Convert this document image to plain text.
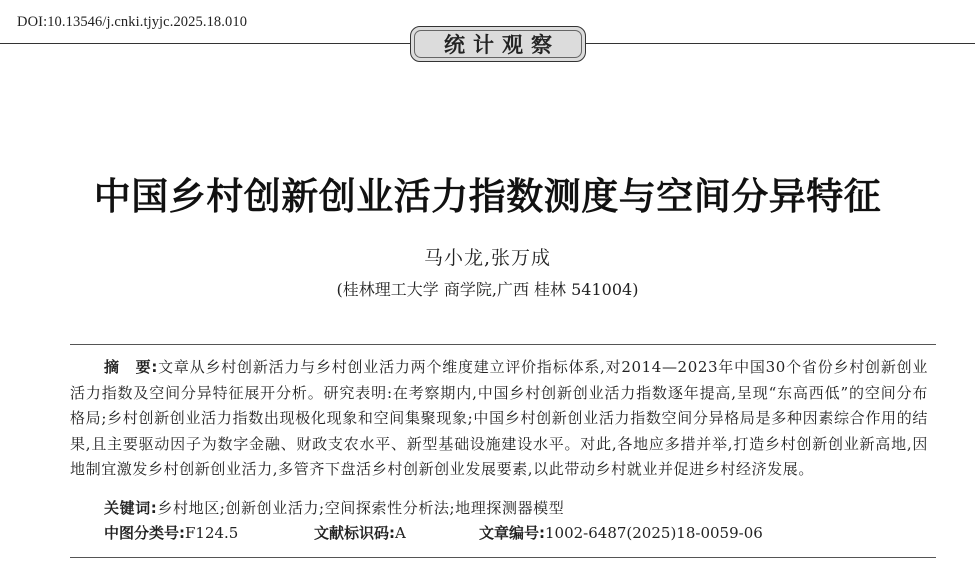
DOI:10.13546/j.cnki.tjyjc.2025.18.010
统计观察
中国乡村创新创业活力指数测度与空间分异特征
马小龙,张万成
(桂林理工大学 商学院,广西 桂林 541004)
摘　要:文章从乡村创新活力与乡村创业活力两个维度建立评价指标体系,对2014—2023年中国30个省份乡村创新创业活力指数及空间分异特征展开分析。研究表明:在考察期内,中国乡村创新创业活力指数逐年提高,呈现“东高西低”的空间分布格局;乡村创新创业活力指数出现极化现象和空间集聚现象;中国乡村创新创业活力指数空间分异格局是多种因素综合作用的结果,且主要驱动因子为数字金融、财政支农水平、新型基础设施建设水平。对此,各地应多措并举,打造乡村创新创业新高地,因地制宜激发乡村创新创业活力,多管齐下盘活乡村创新创业发展要素,以此带动乡村就业并促进乡村经济发展。
关键词:乡村地区;创新创业活力;空间探索性分析法;地理探测器模型
中图分类号:F124.5	文献标识码:A	文章编号:1002-6487(2025)18-0059-06
